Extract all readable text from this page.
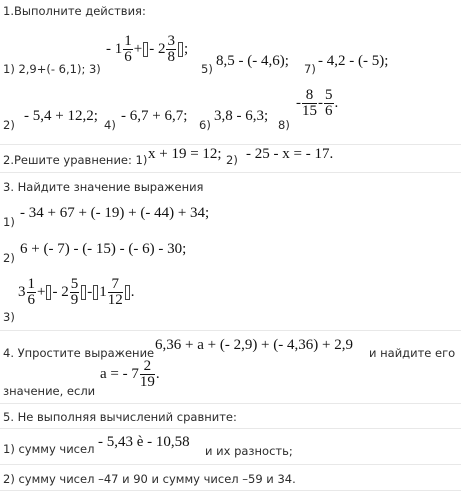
1.Выполните действия:
1) 2,9+(- 6,1); 3)
- $1 \frac{1}{6}$ + - $2 \frac{3}{8}$ ;
5) 8,5 - (- 4,6); 7) - 4,2 - (- 5);
2)
- 5,4 + 12,2;
4)
- 6,7 + 6,7;
6)
3,8 - 6,3;
8)
- $\frac{8}{15} - \frac{5}{6}$ .
2.Решите уравнение: 1) x + 19 = 12; 2) - 25 - x = - 17.
3. Найдите значение выражения
1)
- 34 + 67 + (- 19) + (- 44) + 34;
2)
6 + (- 7) - (- 15) - (- 6) - 30;
$3 \frac{1}{6}$ + - $2 \frac{5}{9} - 1 \frac{7}{12}$ .
3)
4. Упростите выражение 6,36 + a + (- 2,9) + (- 4,36) + 2,9 и найдите его
значение, если
a = - $7 \frac{2}{19}$ .
5. Не выполняя вычислений сравните:
1) сумму чисел - 5,43 è - 10,58
и их разность;
2) сумму чисел –47 и 90 и сумму чисел –59 и 34.
